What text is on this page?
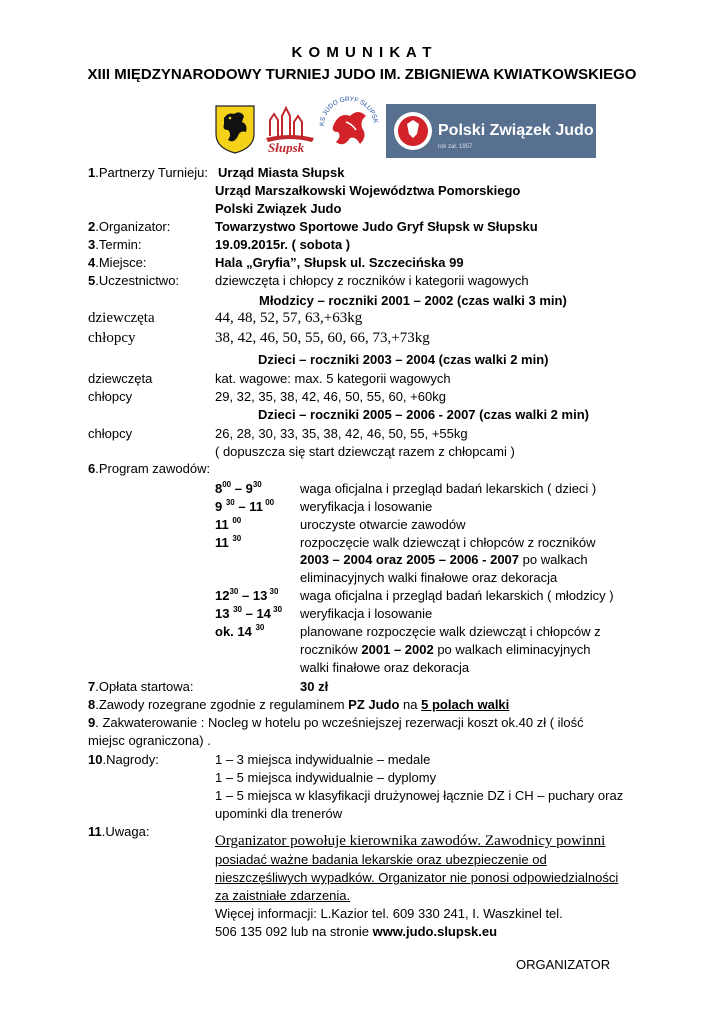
K O M U N I K A T
XIII MIĘDZYNARODOWY TURNIEJ JUDO IM. ZBIGNIEWA KWIATKOWSKIEGO
Słupsk
KS JUDO GRYF SŁUPSK
Polski Związek Judo
rok zał. 1957
1.Partnerzy Turnieju: Urząd Miasta Słupsk
Urząd Marszałkowski Województwa Pomorskiego
Polski Związek Judo
2.Organizator:	Towarzystwo Sportowe Judo Gryf Słupsk w Słupsku
3.Termin:	19.09.2015r. ( sobota )
4.Miejsce:	Hala „Gryfia”, Słupsk ul. Szczecińska 99
5.Uczestnictwo:	dziewczęta i chłopcy z roczników i kategorii wagowych
Młodzicy – roczniki 2001 – 2002 (czas walki 3 min)
dziewczęta	44, 48, 52, 57, 63,+63kg
chłopcy	38, 42, 46, 50, 55, 60, 66, 73,+73kg
Dzieci – roczniki 2003 – 2004 (czas walki 2 min)
dziewczęta	kat. wagowe: max. 5 kategorii wagowych
chłopcy	29, 32, 35, 38, 42, 46, 50, 55, 60, +60kg
Dzieci – roczniki 2005 – 2006 - 2007 (czas walki 2 min)
chłopcy	26, 28, 30, 33, 35, 38, 42, 46, 50, 55, +55kg
( dopuszcza się start dziewcząt razem z chłopcami )
6.Program zawodów:
$8^{00} - 9^{30}$	waga oficjalna i przegląd badań lekarskich ( dzieci )
9 $^{30}$ – 11 $^{00}$ weryfikacja i losowanie
11 $^{00}$	uroczyste otwarcie zawodów
11 $^{30}$	rozpoczęcie walk dziewcząt i chłopców z roczników
2003 – 2004 oraz 2005 – 2006 - 2007 po walkach
eliminacyjnych walki finałowe oraz dekoracja
$12^{30} - 13$ $^{30}$ waga oficjalna i przegląd badań lekarskich ( młodzicy )
13 $^{30}$ – 14 $^{30}$ weryfikacja i losowanie
ok. 14 $^{30}$	planowane rozpoczęcie walk dziewcząt i chłopców z
roczników 2001 – 2002 po walkach eliminacyjnych
walki finałowe oraz dekoracja
7.Opłata startowa:	30 zł
8.Zawody rozegrane zgodnie z regulaminem PZ Judo na 5 polach walki
9. Zakwaterowanie : Nocleg w hotelu po wcześniejszej rezerwacji koszt ok.40 zł ( ilość
miejsc ograniczona) .
10.Nagrody:	1 – 3 miejsca indywidualnie – medale
1 – 5 miejsca indywidualnie – dyplomy
1 – 5 miejsca w klasyfikacji drużynowej łącznie DZ i CH – puchary oraz
upominki dla trenerów
11.Uwaga:
Organizator powołuje kierownika zawodów. Zawodnicy powinni
posiadać ważne badania lekarskie oraz ubezpieczenie od
nieszczęśliwych wypadków. Organizator nie ponosi odpowiedzialności
za zaistniałe zdarzenia.
Więcej informacji: L.Kazior tel. 609 330 241, I. Waszkinel tel.
506 135 092 lub na stronie www.judo.slupsk.eu
ORGANIZATOR
